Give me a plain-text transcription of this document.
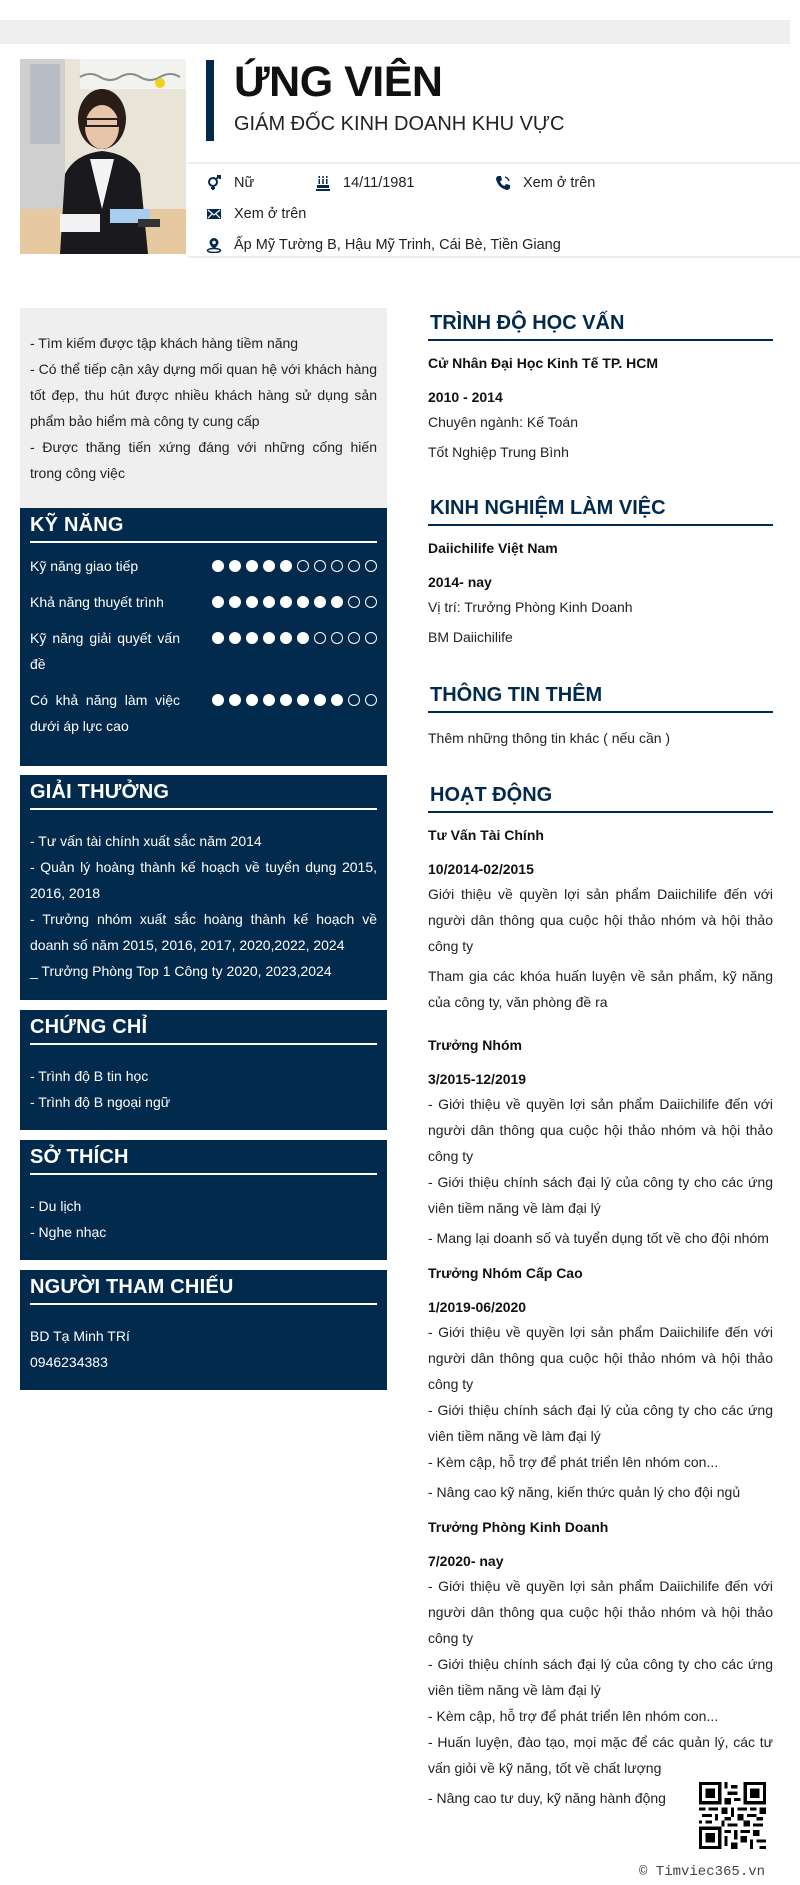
ỨNG VIÊN
GIÁM ĐỐC KINH DOANH KHU VỰC
Nữ	14/11/1981	Xem ở trên
Xem ở trên
Ấp Mỹ Tường B, Hậu Mỹ Trinh, Cái Bè, Tiền Giang

- Tìm kiếm được tập khách hàng tiềm năng

- Có thể tiếp cận xây dựng mối quan hệ với khách hàng tốt đẹp, thu hút được nhiều khách hàng sử dụng sản phẩm bảo hiểm mà công ty cung cấp

- Được thăng tiến xứng đáng với những cống hiến trong công việc

KỸ NĂNG
Kỹ năng giao tiếp
Khả năng thuyết trình
Kỹ năng giải quyết vấn đề
Có khả năng làm việc dưới áp lực cao
GIẢI THƯỞNG

- Tư vấn tài chính xuất sắc năm 2014

- Quản lý hoàng thành kế hoạch về tuyển dụng 2015, 2016, 2018

- Trưởng nhóm xuất sắc hoàng thành kế hoạch về doanh số năm 2015, 2016, 2017, 2020,2022, 2024

_ Trưởng Phòng Top 1 Công ty 2020, 2023,2024

CHỨNG CHỈ

- Trình độ B tin học

- Trình độ B ngoại ngữ

SỞ THÍCH

- Du lịch

- Nghe nhạc

NGƯỜI THAM CHIẾU

BD Tạ Minh TRí

0946234383

TRÌNH ĐỘ HỌC VẤN
Cử Nhân Đại Học Kinh Tế TP. HCM
2010 - 2014

Chuyên ngành: Kế Toán

Tốt Nghiệp Trung Bình

KINH NGHIỆM LÀM VIỆC
Daiichilife Việt Nam
2014- nay

Vị trí: Trưởng Phòng Kinh Doanh

BM Daiichilife

THÔNG TIN THÊM

Thêm những thông tin khác ( nếu cần )

HOẠT ĐỘNG
Tư Vấn Tài Chính
10/2014-02/2015

Giới thiệu về quyền lợi sản phẩm Daiichilife đến với người dân thông qua cuộc hội thảo nhóm và hội thảo công ty

Tham gia các khóa huấn luyện về sản phẩm, kỹ năng của công ty, văn phòng đề ra

Trưởng Nhóm
3/2015-12/2019

- Giới thiệu về quyền lợi sản phẩm Daiichilife đến với người dân thông qua cuộc hội thảo nhóm và hội thảo công ty

- Giới thiệu chính sách đại lý của công ty cho các ứng viên tiềm năng về làm đại lý

- Mang lại doanh số và tuyển dụng tốt về cho đội nhóm

Trưởng Nhóm Cấp Cao
1/2019-06/2020

- Giới thiệu về quyền lợi sản phẩm Daiichilife đến với người dân thông qua cuộc hội thảo nhóm và hội thảo công ty

- Giới thiệu chính sách đại lý của công ty cho các ứng viên tiềm năng về làm đại lý

- Kèm cập, hỗ trợ để phát triển lên nhóm con...

- Nâng cao kỹ năng, kiến thức quản lý cho đội ngủ

Trưởng Phòng Kinh Doanh
7/2020- nay

- Giới thiệu về quyền lợi sản phẩm Daiichilife đến với người dân thông qua cuộc hội thảo nhóm và hội thảo công ty

- Giới thiệu chính sách đại lý của công ty cho các ứng viên tiềm năng về làm đại lý

- Kèm cập, hỗ trợ để phát triển lên nhóm con...

- Huấn luyện, đào tạo, mọi mặc để các quản lý, các tư vấn giỏi về kỹ năng, tốt về chất lượng

- Nâng cao tư duy, kỹ năng hành động

© Timviec365.vn
